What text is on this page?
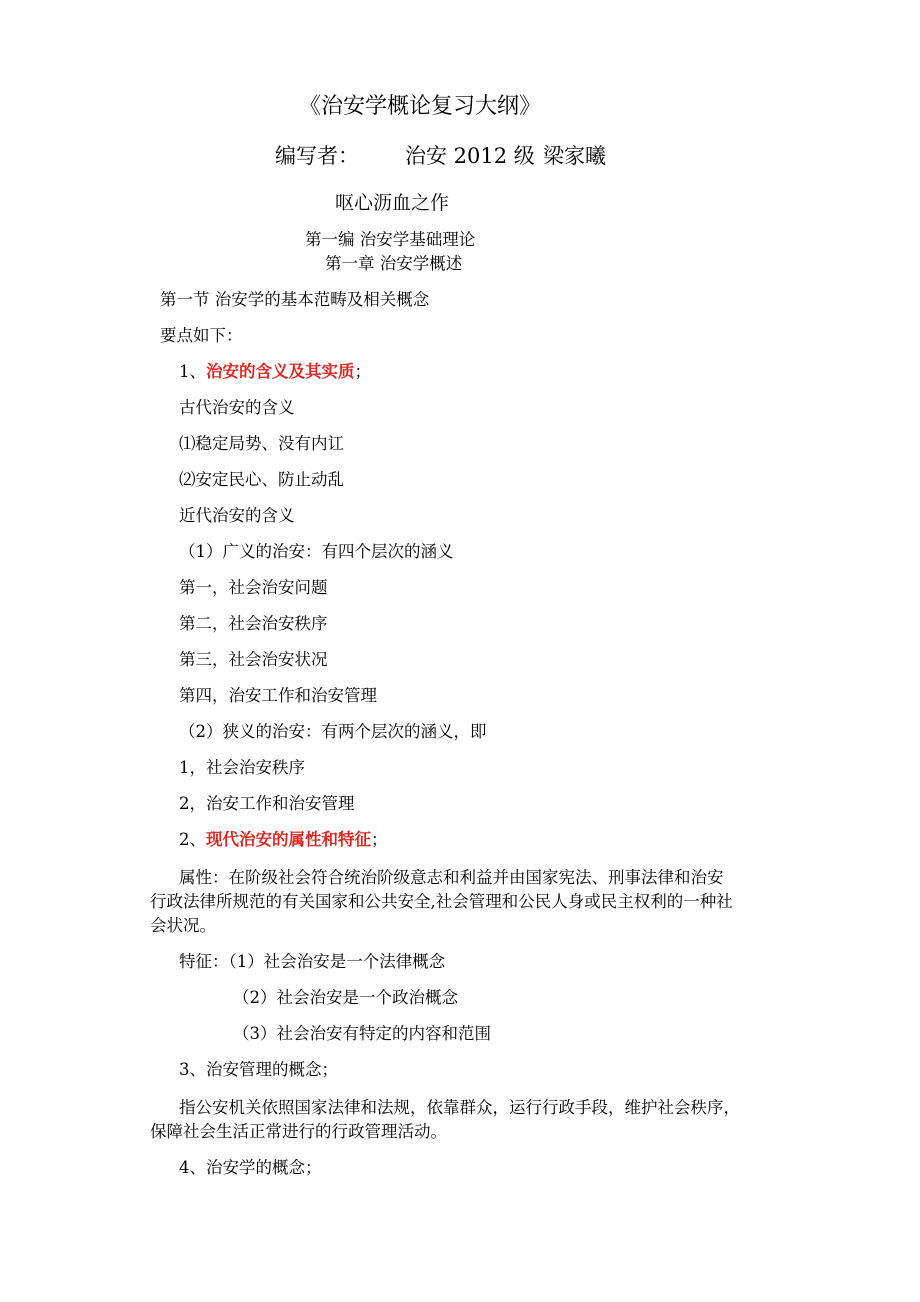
《治安学概论复习大纲》
编写者： 治安 2012 级 梁家曦
呕心沥血之作
第一编 治安学基础理论
第一章 治安学概述
第一节 治安学的基本范畴及相关概念
要点如下：
1、治安的含义及其实质；
古代治安的含义
⑴稳定局势、没有内讧
⑵安定民心、防止动乱
近代治安的含义
（1）广义的治安：有四个层次的涵义
第一，社会治安问题
第二，社会治安秩序
第三，社会治安状况
第四，治安工作和治安管理
（2）狭义的治安：有两个层次的涵义，即
1，社会治安秩序
2，治安工作和治安管理
2、现代治安的属性和特征；
属性：在阶级社会符合统治阶级意志和利益并由国家宪法、刑事法律和治安
行政法律所规范的有关国家和公共安全,社会管理和公民人身或民主权利的一种社
会状况。
特征：（1）社会治安是一个法律概念
（2）社会治安是一个政治概念
（3）社会治安有特定的内容和范围
3、治安管理的概念；
指公安机关依照国家法律和法规，依靠群众，运行行政手段，维护社会秩序，
保障社会生活正常进行的行政管理活动。
4、治安学的概念；
